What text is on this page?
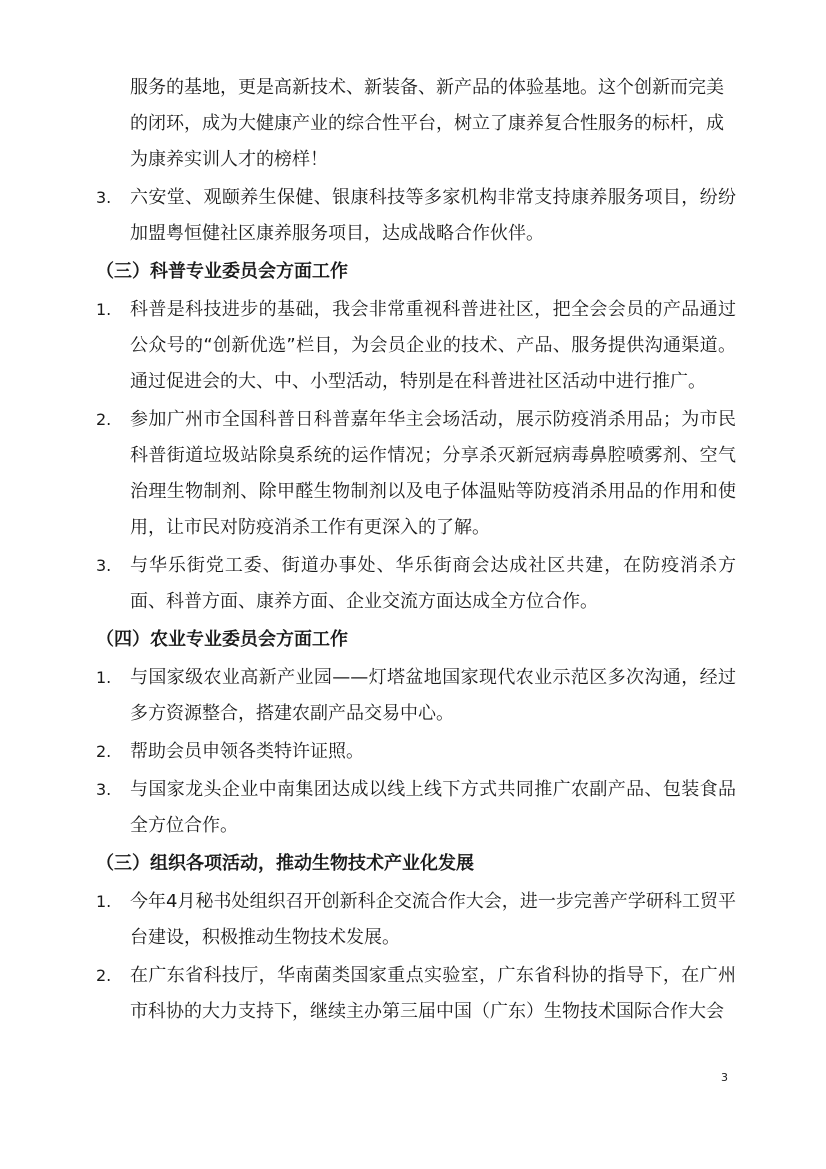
服务的基地，更是高新技术、新装备、新产品的体验基地。这个创新而完美的闭环，成为大健康产业的综合性平台，树立了康养复合性服务的标杆，成为康养实训人才的榜样！

3.	六安堂、观颐养生保健、银康科技等多家机构非常支持康养服务项目，纷纷加盟粤恒健社区康养服务项目，达成战略合作伙伴。
（三）科普专业委员会方面工作
1.	科普是科技进步的基础，我会非常重视科普进社区，把全会会员的产品通过公众号的“创新优选”栏目，为会员企业的技术、产品、服务提供沟通渠道。通过促进会的大、中、小型活动，特别是在科普进社区活动中进行推广。
2.	参加广州市全国科普日科普嘉年华主会场活动，展示防疫消杀用品；为市民科普街道垃圾站除臭系统的运作情况；分享杀灭新冠病毒鼻腔喷雾剂、空气治理生物制剂、除甲醛生物制剂以及电子体温贴等防疫消杀用品的作用和使用，让市民对防疫消杀工作有更深入的了解。
3.	与华乐街党工委、街道办事处、华乐街商会达成社区共建，在防疫消杀方面、科普方面、康养方面、企业交流方面达成全方位合作。
（四）农业专业委员会方面工作
1.	与国家级农业高新产业园——灯塔盆地国家现代农业示范区多次沟通，经过多方资源整合，搭建农副产品交易中心。
2.	帮助会员申领各类特许证照。
3.	与国家龙头企业中南集团达成以线上线下方式共同推广农副产品、包装食品全方位合作。
（三）组织各项活动，推动生物技术产业化发展
1.	今年4月秘书处组织召开创新科企交流合作大会，进一步完善产学研科工贸平台建设，积极推动生物技术发展。
2.	在广东省科技厅，华南菌类国家重点实验室，广东省科协的指导下，在广州市科协的大力支持下，继续主办第三届中国（广东）生物技术国际合作大会
3
